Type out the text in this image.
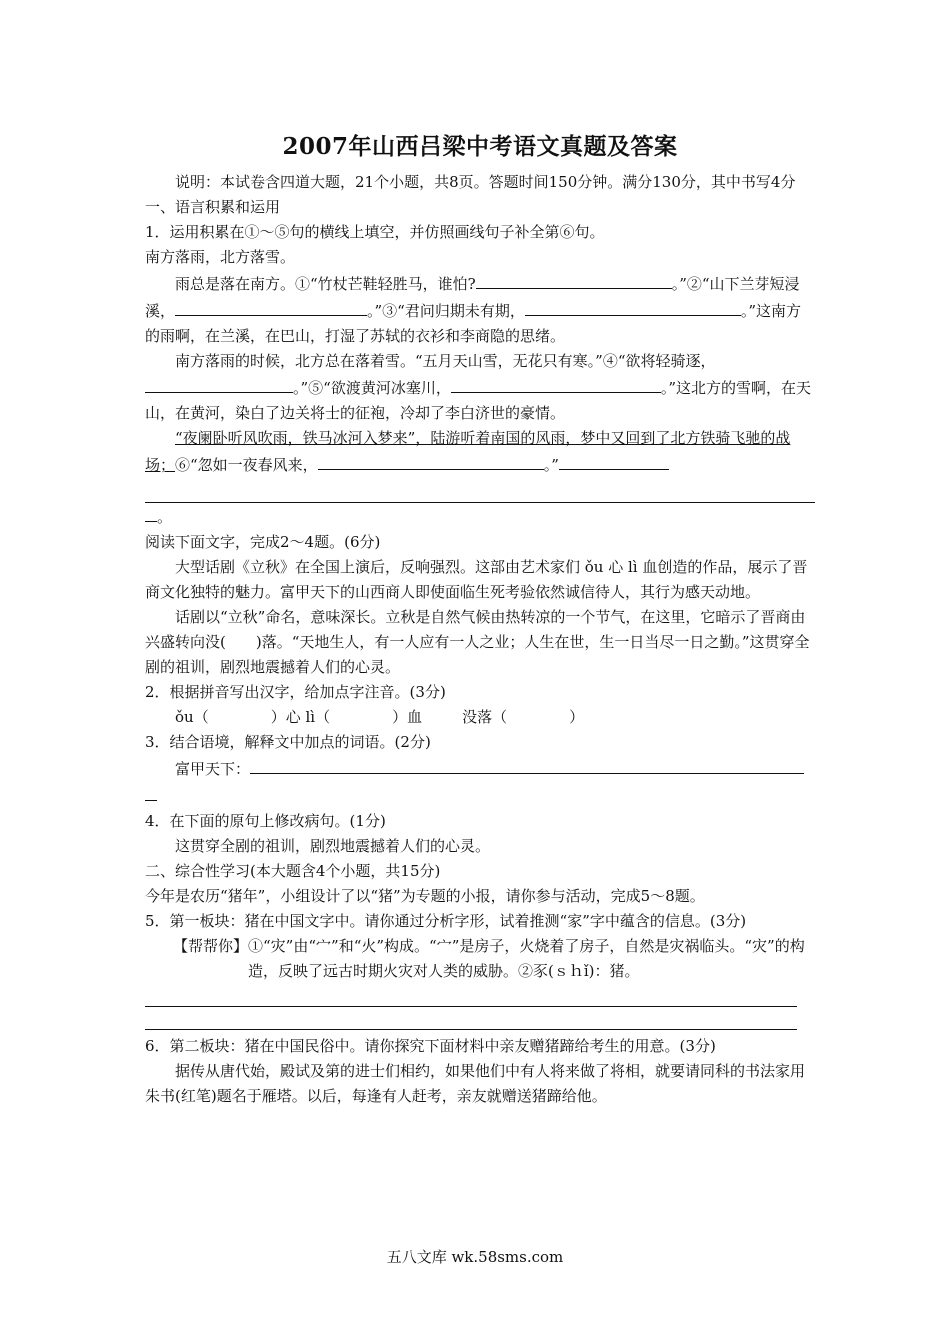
2007年山西吕梁中考语文真题及答案

说明：本试卷含四道大题，21个小题，共8页。答题时间150分钟。满分130分，其中书写4分

一、语言积累和运用

1．运用积累在①～⑤句的横线上填空，并仿照画线句子补全第⑥句。

南方落雨，北方落雪。

雨总是落在南方。①“竹杖芒鞋轻胜马，谁怕?	。”②“山下兰芽短浸溪，	。”③“君问归期未有期，	。”这南方的雨啊，在兰溪，在巴山，打湿了苏轼的衣衫和李商隐的思绪。

南方落雨的时候，北方总在落着雪。“五月天山雪，无花只有寒。”④“欲将轻骑逐，。”⑤“欲渡黄河冰塞川，	。”这北方的雪啊，在天山，在黄河，染白了边关将士的征袍，冷却了李白济世的豪情。

“夜阑卧听风吹雨，铁马冰河入梦来”，陆游听着南国的风雨，梦中又回到了北方铁骑飞驰的战场；⑥“忽如一夜春风来，	。”

。

阅读下面文字，完成2～4题。(6分)

大型话剧《立秋》在全国上演后，反响强烈。这部由艺术家们 ǒu 心 lì 血创造的作品，展示了晋商文化独特的魅力。富甲天下的山西商人即使面临生死考验依然诚信待人，其行为感天动地。

话剧以“立秋”命名，意味深长。立秋是自然气候由热转凉的一个节气，在这里，它暗示了晋商由兴盛转向没(　　)落。“天地生人，有一人应有一人之业；人生在世，生一日当尽一日之勤。”这贯穿全剧的祖训，剧烈地震撼着人们的心灵。

2．根据拼音写出汉字，给加点字注音。(3分)

ǒu（	）心 lì（	）血	没落（	）

3．结合语境，解释文中加点的词语。(2分)

富甲天下：

4．在下面的原句上修改病句。(1分)

这贯穿全剧的祖训，剧烈地震撼着人们的心灵。

二、综合性学习(本大题含4个小题，共15分)

今年是农历“猪年”，小组设计了以“猪”为专题的小报，请你参与活动，完成5～8题。

5．第一板块：猪在中国文字中。请你通过分析字形，试着推测“家”字中蕴含的信息。(3分)

【帮帮你】 ①“灾”由“宀”和“火”构成。“宀”是房子，火烧着了房子，自然是灾祸临头。“灾”的构造，反映了远古时期火灾对人类的威胁。②豕(ｓｈǐ)：猪。

6．第二板块：猪在中国民俗中。请你探究下面材料中亲友赠猪蹄给考生的用意。(3分)

据传从唐代始，殿试及第的进士们相约，如果他们中有人将来做了将相，就要请同科的书法家用朱书(红笔)题名于雁塔。以后，每逢有人赶考，亲友就赠送猪蹄给他。

五八文库 wk.58sms.com
